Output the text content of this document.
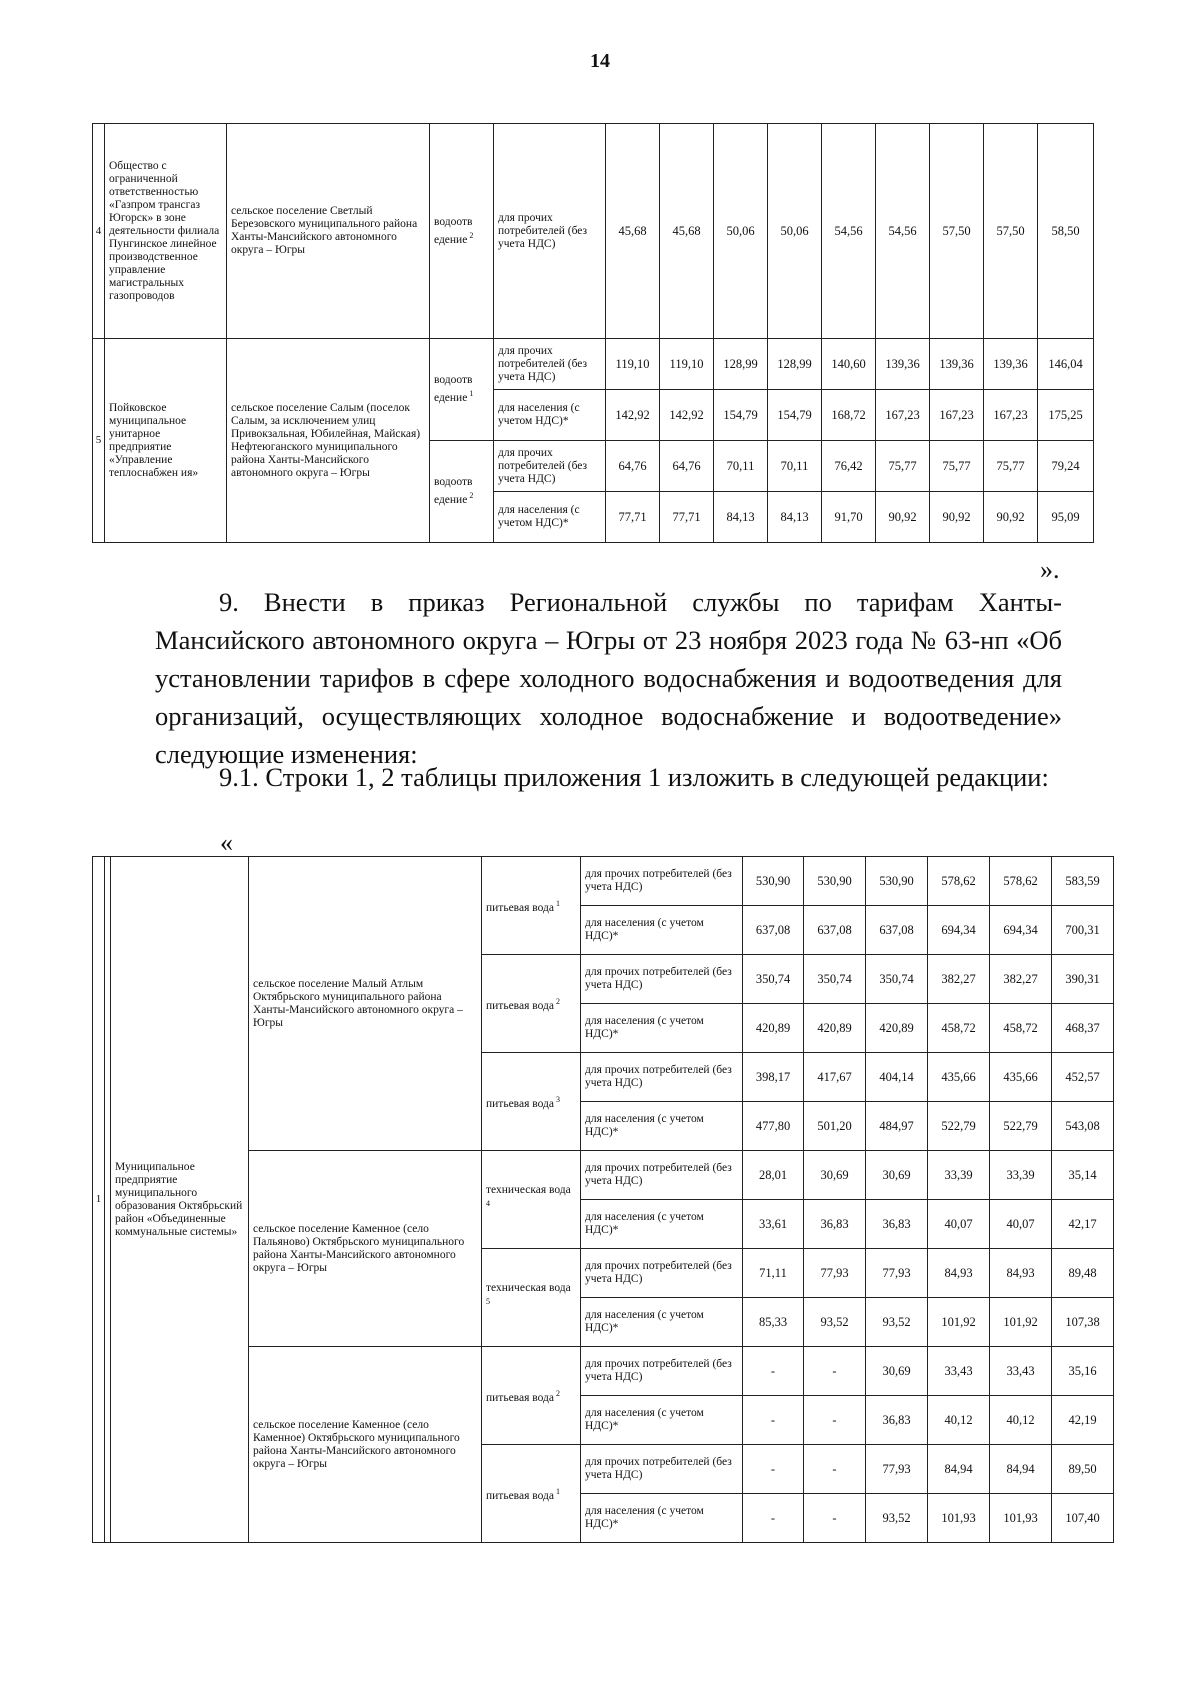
14
4	Общество с ограниченной ответственностью «Газпром трансгаз Югорск» в зоне деятельности филиала Пунгинское линейное производственное управление магистральных газопроводов	сельское поселение Светлый Березовского муниципального района Ханты-Мансийского автономного округа – Югры	водоотв едение $^2$	для прочих потребителей (без учета НДС)	45,68	45,68	50,06	50,06	54,56	54,56	57,50	57,50	58,50
5	Пойковское муниципальное унитарное предприятие «Управление теплоснабжен ия»	сельское поселение Салым (поселок Салым, за исключением улиц Привокзальная, Юбилейная, Майская) Нефтеюганского муниципального района Ханты-Мансийского автономного округа – Югры	водоотв едение $^1$	для прочих потребителей (без учета НДС)	119,10	119,10	128,99	128,99	140,60	139,36	139,36	139,36	146,04
				для населения (с учетом НДС)*	142,92	142,92	154,79	154,79	168,72	167,23	167,23	167,23	175,25
			водоотв едение $^2$	для прочих потребителей (без учета НДС)	64,76	64,76	70,11	70,11	76,42	75,77	75,77	75,77	79,24
				для населения (с учетом НДС)*	77,71	77,71	84,13	84,13	91,70	90,92	90,92	90,92	95,09
».
9. Внести в приказ Региональной службы по тарифам Ханты-Мансийского автономного округа – Югры от 23 ноября 2023 года № 63-нп «Об установлении тарифов в сфере холодного водоснабжения и водоотведения для организаций, осуществляющих холодное водоснабжение и водоотведение» следующие изменения:
9.1. Строки 1, 2 таблицы приложения 1 изложить в следующей редакции:
«
1		Муниципальное предприятие муниципального образования Октябрьский район «Объединенные коммунальные системы»	сельское поселение Малый Атлым Октябрьского муниципального района Ханты-Мансийского автономного округа – Югры	питьевая вода $^1$	для прочих потребителей (без учета НДС)	530,90	530,90	530,90	578,62	578,62	583,59
					для населения (с учетом НДС)*	637,08	637,08	637,08	694,34	694,34	700,31
				питьевая вода $^2$	для прочих потребителей (без учета НДС)	350,74	350,74	350,74	382,27	382,27	390,31
					для населения (с учетом НДС)*	420,89	420,89	420,89	458,72	458,72	468,37
				питьевая вода $^3$	для прочих потребителей (без учета НДС)	398,17	417,67	404,14	435,66	435,66	452,57
					для населения (с учетом НДС)*	477,80	501,20	484,97	522,79	522,79	543,08
			сельское поселение Каменное (село Пальяново) Октябрьского муниципального района Ханты-Мансийского автономного округа – Югры	техническая вода $^4$	для прочих потребителей (без учета НДС)	28,01	30,69	30,69	33,39	33,39	35,14
					для населения (с учетом НДС)*	33,61	36,83	36,83	40,07	40,07	42,17
				техническая вода $^5$	для прочих потребителей (без учета НДС)	71,11	77,93	77,93	84,93	84,93	89,48
					для населения (с учетом НДС)*	85,33	93,52	93,52	101,92	101,92	107,38
			сельское поселение Каменное (село Каменное) Октябрьского муниципального района Ханты-Мансийского автономного округа – Югры	питьевая вода $^2$	для прочих потребителей (без учета НДС)	-	-	30,69	33,43	33,43	35,16
					для населения (с учетом НДС)*	-	-	36,83	40,12	40,12	42,19
				питьевая вода $^1$	для прочих потребителей (без учета НДС)	-	-	77,93	84,94	84,94	89,50
					для населения (с учетом НДС)*	-	-	93,52	101,93	101,93	107,40
